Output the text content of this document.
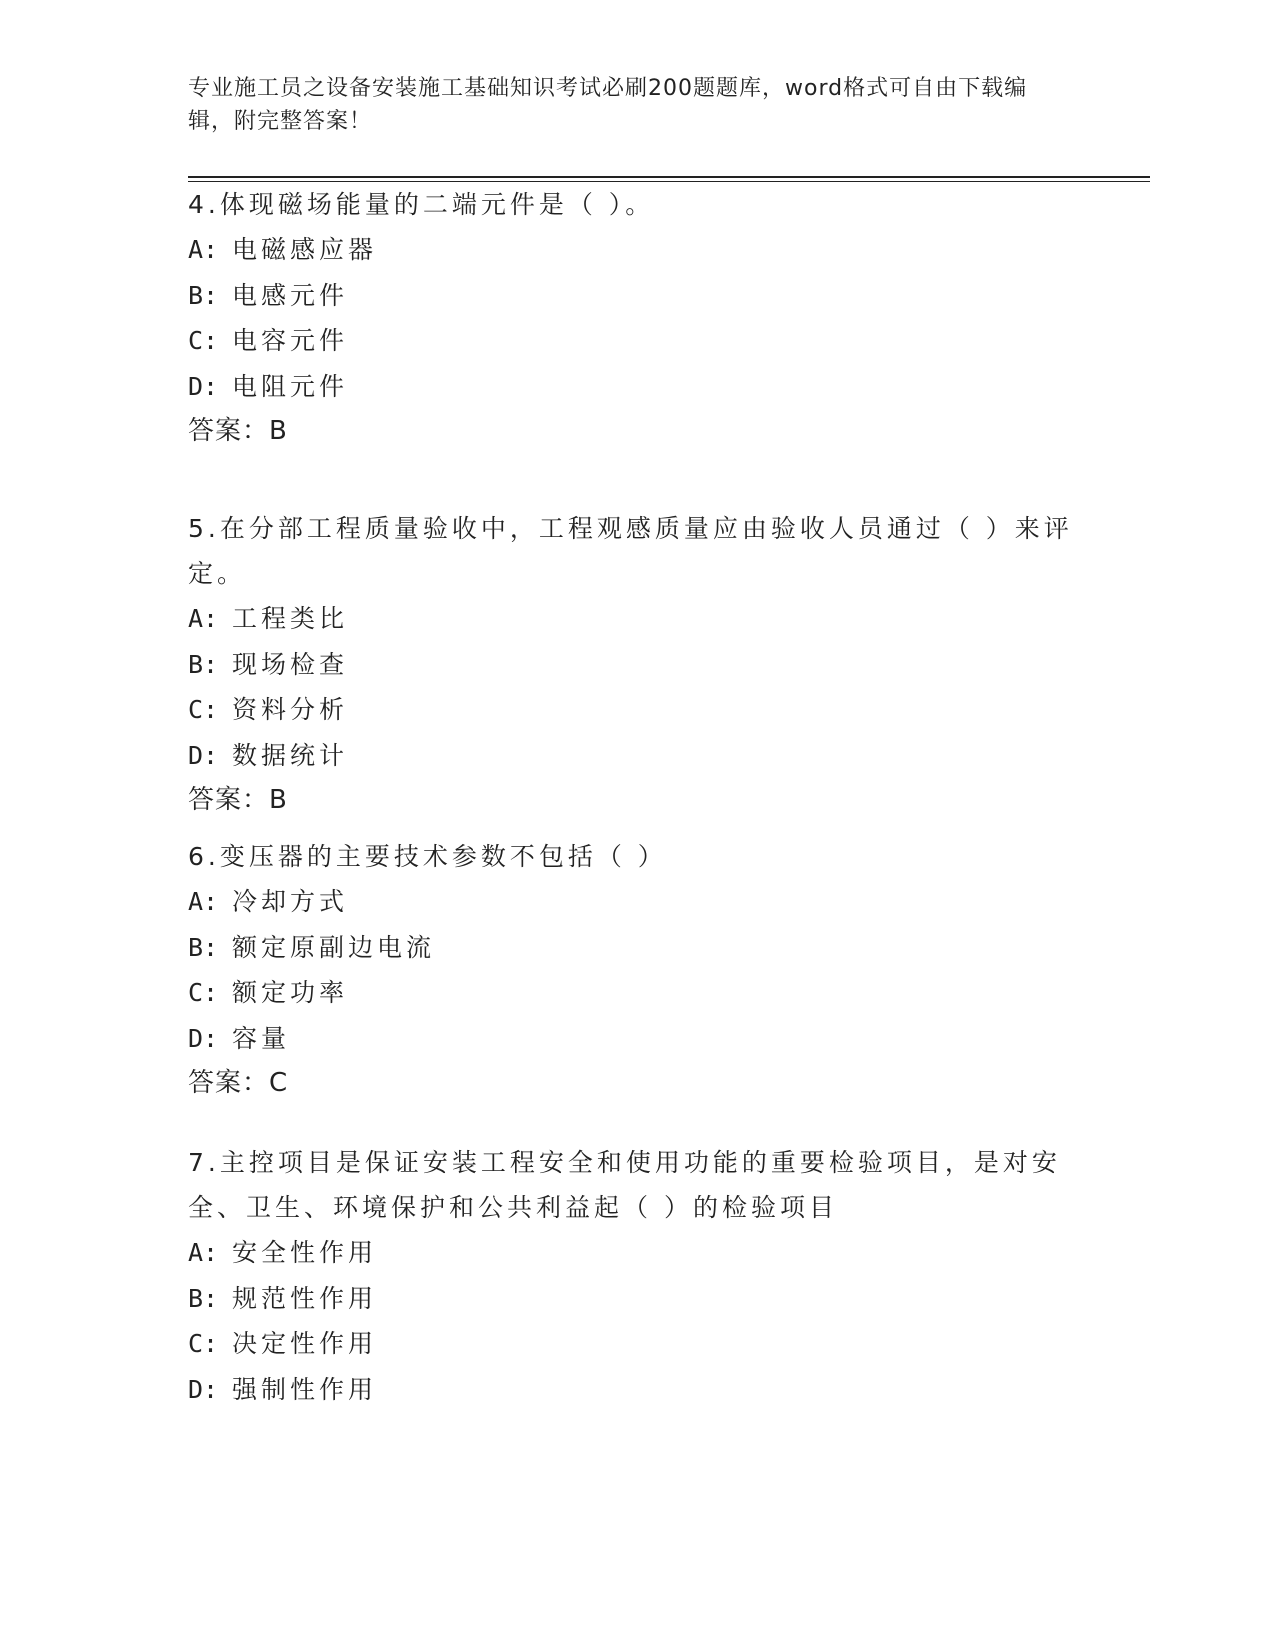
专业施工员之设备安装施工基础知识考试必刷200题题库，word格式可自由下载编辑，附完整答案！

4.体现磁场能量的二端元件是（ ）。

A: 电磁感应器

B: 电感元件

C: 电容元件

D: 电阻元件

答案：B

5.在分部工程质量验收中，工程观感质量应由验收人员通过（ ）来评定。

A: 工程类比

B: 现场检查

C: 资料分析

D: 数据统计

答案：B

6.变压器的主要技术参数不包括（ ）

A: 冷却方式

B: 额定原副边电流

C: 额定功率

D: 容量

答案：C

7.主控项目是保证安装工程安全和使用功能的重要检验项目，是对安全、卫生、环境保护和公共利益起（ ）的检验项目

A: 安全性作用

B: 规范性作用

C: 决定性作用

D: 强制性作用
